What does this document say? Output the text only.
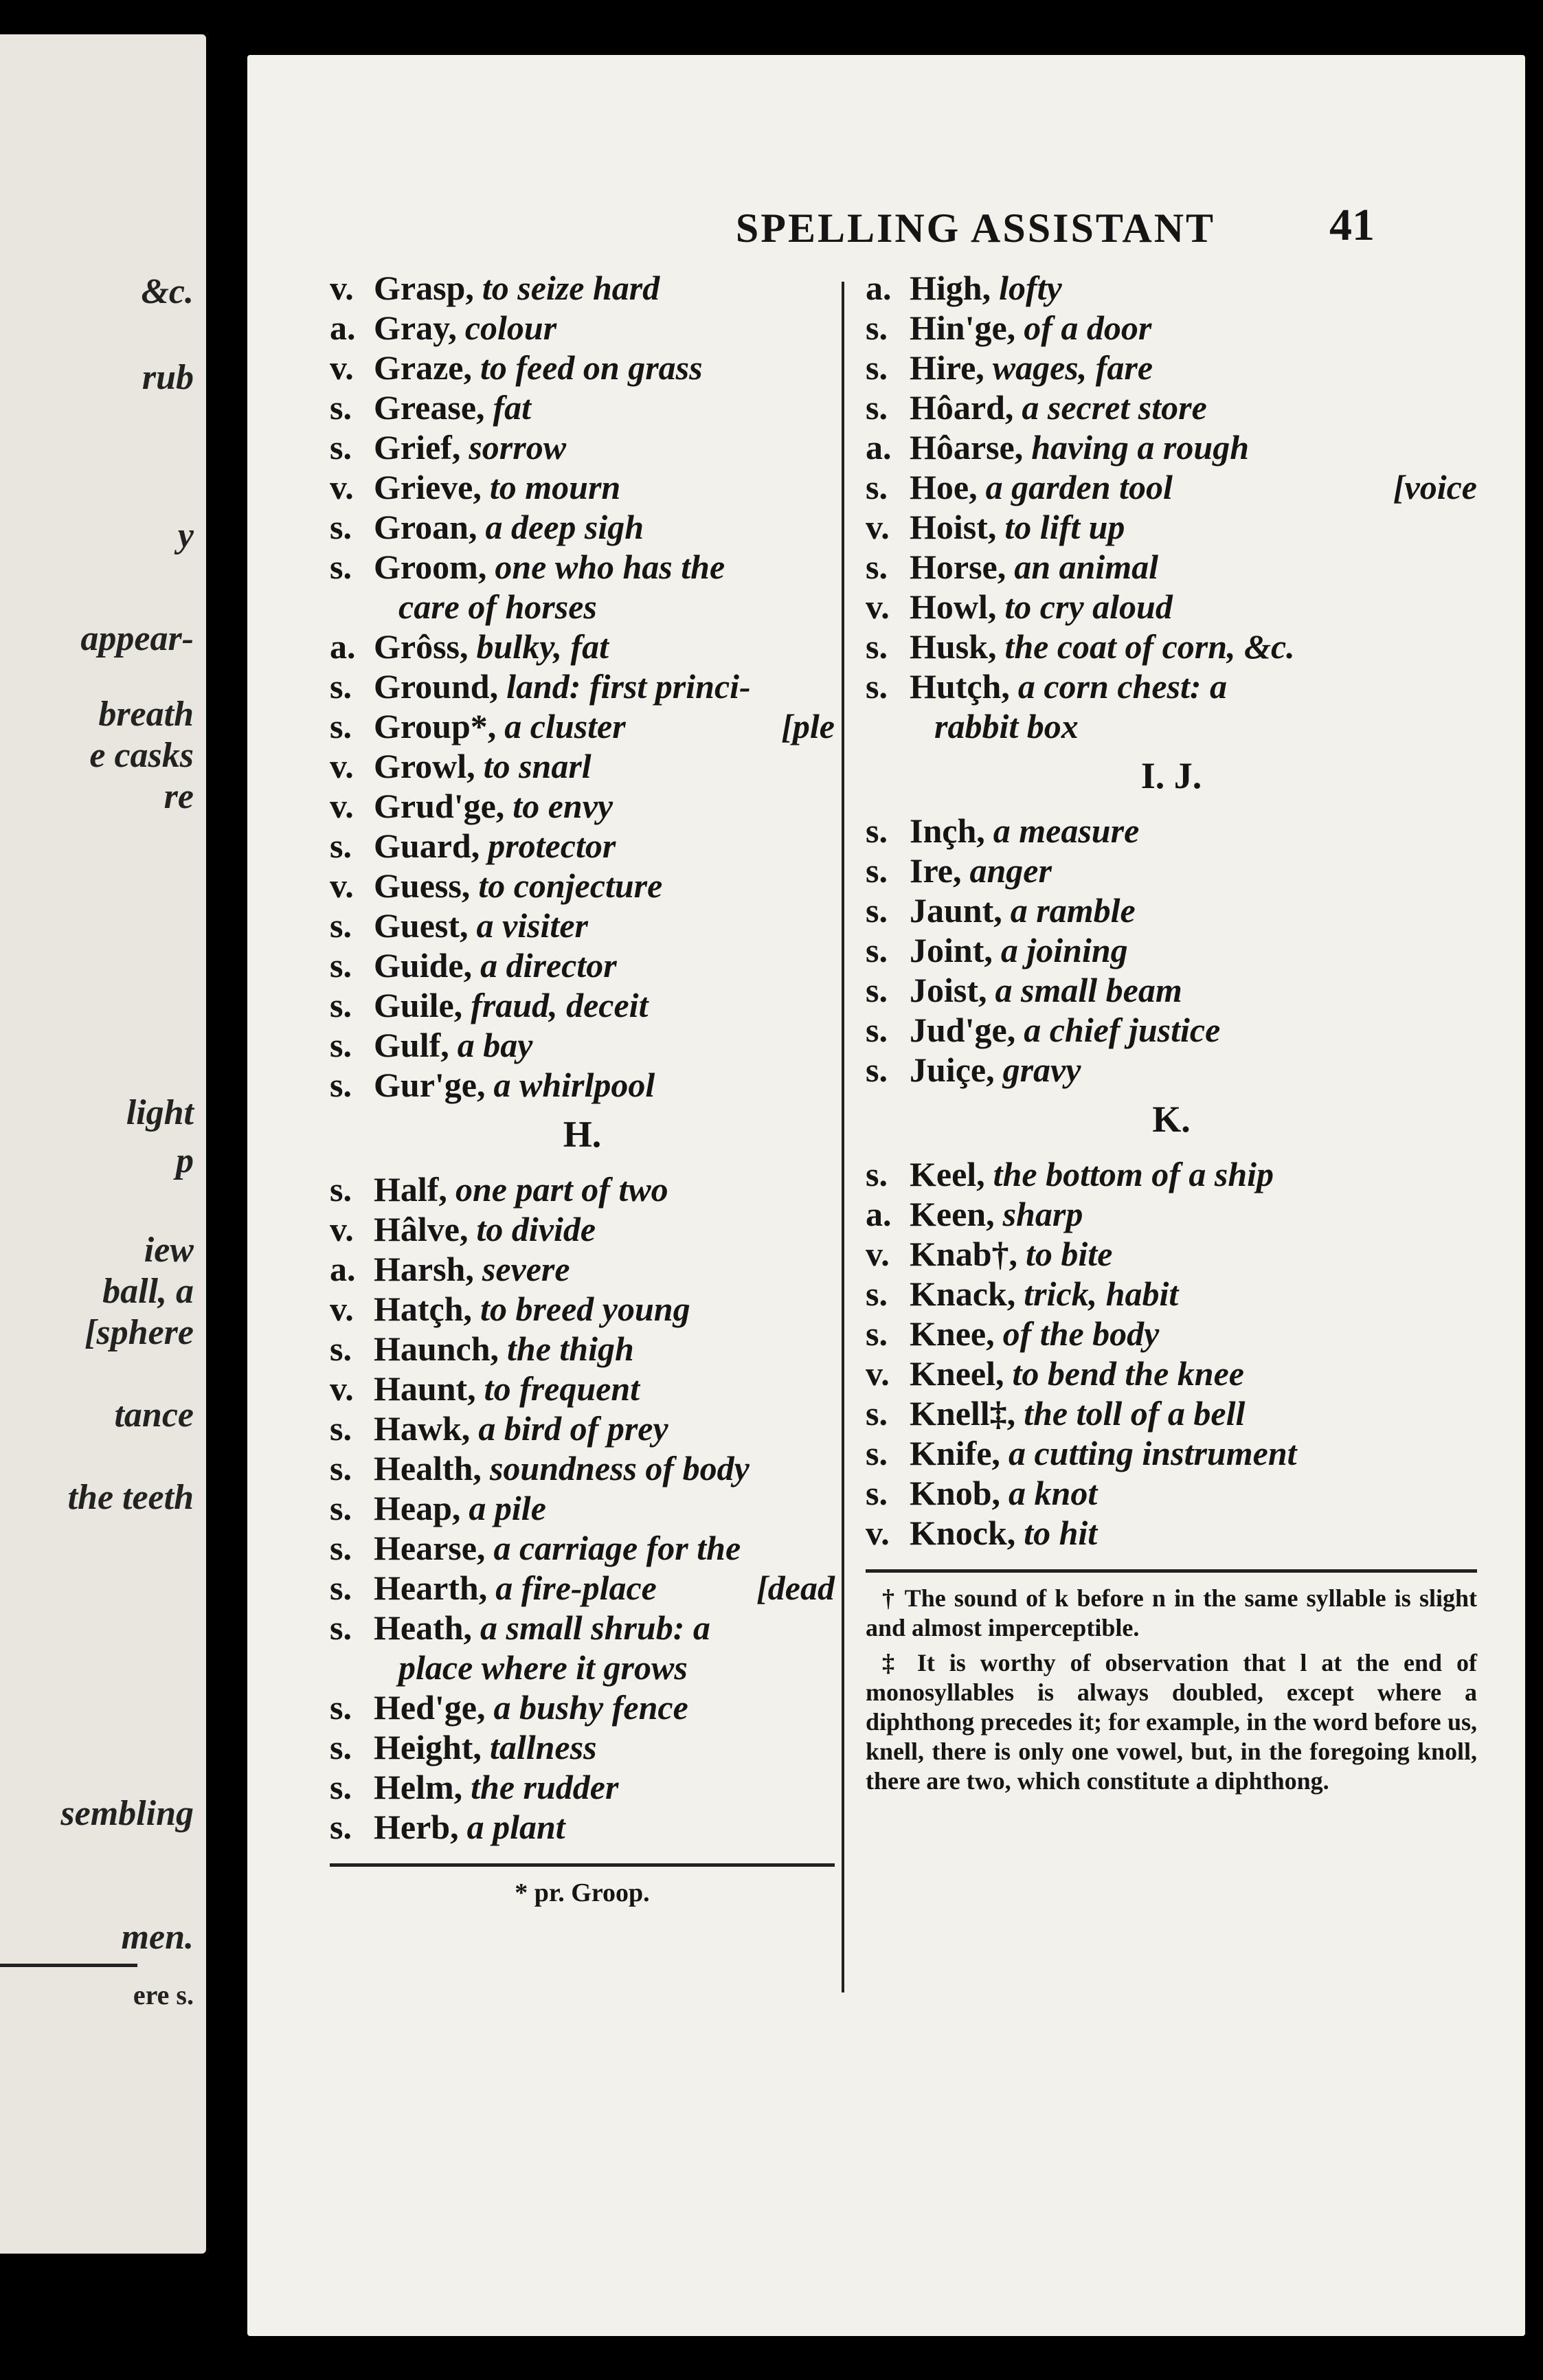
&c.
rub
y
appear-
breath
e casks
re
light
p
iew
ball, a
[sphere
tance
the teeth
sembling
men.
ere s.
SPELLING ASSISTANT	41
v. Grasp, to seize hard
a. Gray, colour
v. Graze, to feed on grass
s. Grease, fat
s. Grief, sorrow
v. Grieve, to mourn
s. Groan, a deep sigh
s. Groom, one who has the
care of horses
a. Grôss, bulky, fat
s. Ground, land: first princi-
s. Group*, a cluster	[ple
v. Growl, to snarl
v. Grud'ge, to envy
s. Guard, protector
v. Guess, to conjecture
s. Guest, a visiter
s. Guide, a director
s. Guile, fraud, deceit
s. Gulf, a bay
s. Gur'ge, a whirlpool
H.
s. Half, one part of two
v. Hâlve, to divide
a. Harsh, severe
v. Hatçh, to breed young
s. Haunch, the thigh
v. Haunt, to frequent
s. Hawk, a bird of prey
s. Health, soundness of body
s. Heap, a pile
s. Hearse, a carriage for the
s. Hearth, a fire-place	[dead
s. Heath, a small shrub: a
place where it grows
s. Hed'ge, a bushy fence
s. Height, tallness
s. Helm, the rudder
s. Herb, a plant
* pr. Groop.
a. High, lofty
s. Hin'ge, of a door
s. Hire, wages, fare
s. Hôard, a secret store
a. Hôarse, having a rough
s. Hoe, a garden tool	[voice
v. Hoist, to lift up
s. Horse, an animal
v. Howl, to cry aloud
s. Husk, the coat of corn, &c.
s. Hutçh, a corn chest: a
rabbit box
I. J.
s. Inçh, a measure
s. Ire, anger
s. Jaunt, a ramble
s. Joint, a joining
s. Joist, a small beam
s. Jud'ge, a chief justice
s. Juiçe, gravy
K.
s. Keel, the bottom of a ship
a. Keen, sharp
v. Knab†, to bite
s. Knack, trick, habit
s. Knee, of the body
v. Kneel, to bend the knee
s. Knell‡, the toll of a bell
s. Knife, a cutting instrument
s. Knob, a knot
v. Knock, to hit

† The sound of k before n in the same syllable is slight and almost imperceptible.

‡ It is worthy of observation that l at the end of monosyllables is always doubled, except where a diphthong precedes it; for example, in the word before us, knell, there is only one vowel, but, in the foregoing knoll, there are two, which constitute a diphthong.
